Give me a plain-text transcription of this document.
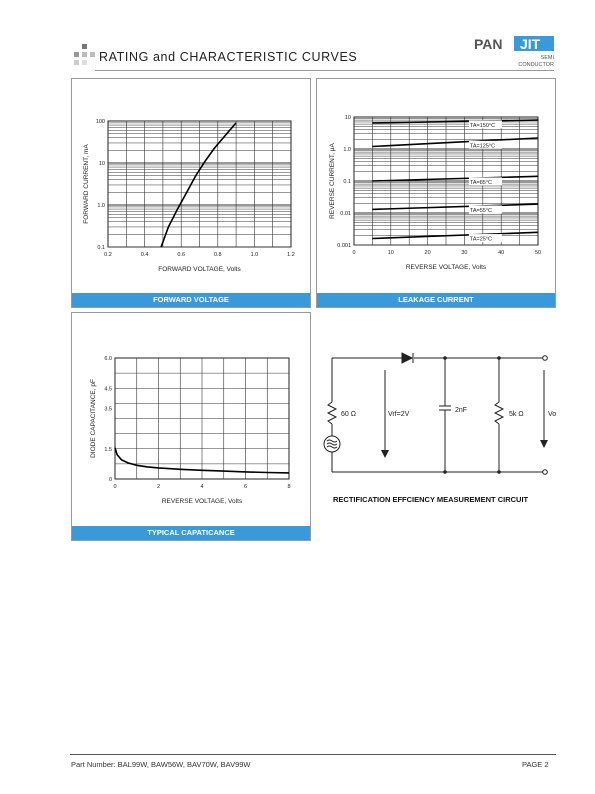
RATING and CHARACTERISTIC CURVES
PAN JIT
SEMI
CONDUCTOR
0.2	0.4	0.6	0.8	1.0	1.2
0.1
1.0
10
100
FORWARD VOLTAGE, Volts
FORWARD CURRENT, mA
FORWARD VOLTAGE
0	10	20	30	40	50
0.001
0.01
0.1
1.0
10
REVERSE VOLTAGE, Volts
REVERSE CURRENT, μA
TA=150°C
TA=125°C
TA=85°C
TA=55°C
TA=25°C
LEAKAGE CURRENT
0	2	4	6	8
0
1.5
3.5
4.5
6.0
REVERSE VOLTAGE, Volts
DIODE CAPACITANCE, pF
TYPICAL CAPATICANCE
60 Ω	Vrf=2V
2nF
5k Ω	Vo
RECTIFICATION EFFCIENCY MEASUREMENT CIRCUIT
Part Number: BAL99W, BAW56W, BAV70W, BAV99W	PAGE 2
